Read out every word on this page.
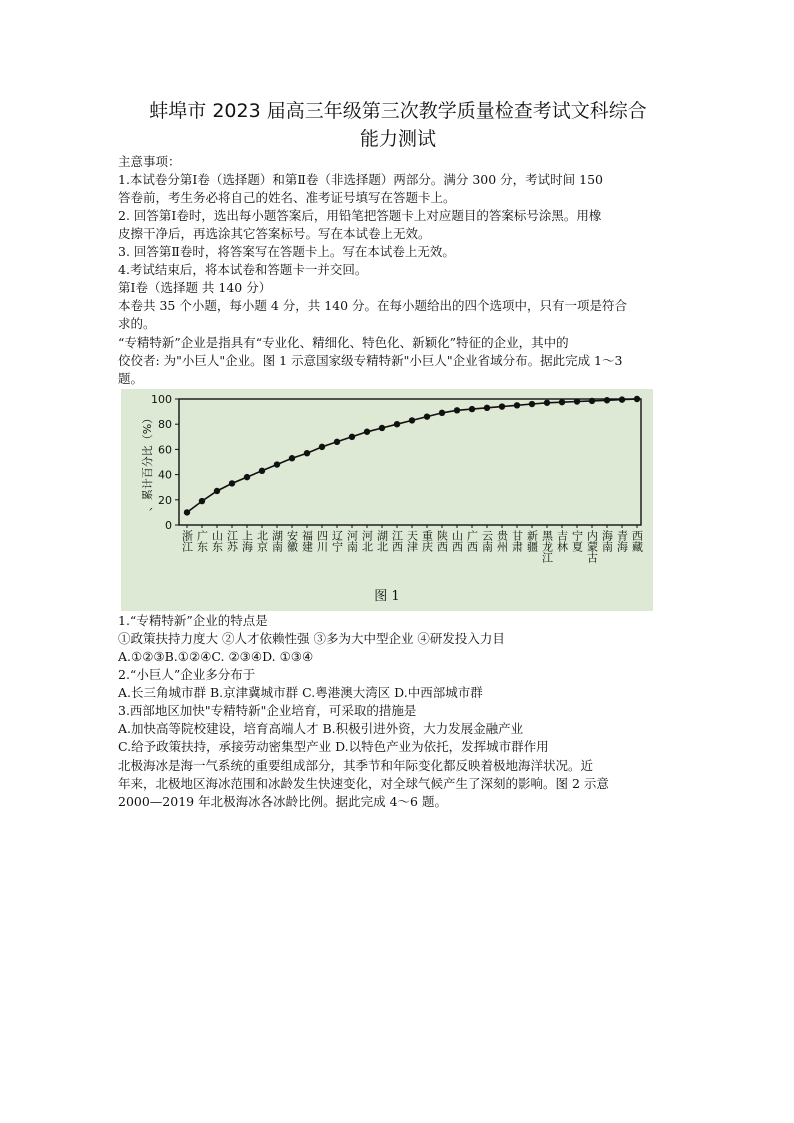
蚌埠市 2023 届高三年级第三次教学质量检查考试文科综合
能力测试
主意事项：
1.本试卷分第Ⅰ卷（选择题）和第Ⅱ卷（非选择题）两部分。满分 300 分，考试时间 150
答卷前，考生务必将自己的姓名、准考证号填写在答题卡上。
2. 回答第Ⅰ卷时，选出每小题答案后，用铅笔把答题卡上对应题目的答案标号涂黑。用橡
皮擦干净后，再选涂其它答案标号。写在本试卷上无效。
3. 回答第Ⅱ卷时，将答案写在答题卡上。写在本试卷上无效。
4.考试结束后，将本试卷和答题卡一并交回。
第Ⅰ卷（选择题 共 140 分）
本卷共 35 个小题，每小题 4 分，共 140 分。在每小题给出的四个选项中，只有一项是符合
求的。
“专精特新”企业是指具有“专业化、精细化、特色化、新颖化”特征的企业，其中的
佼佼者: 为"小巨人"企业。图 1 示意国家级专精特新"小巨人"企业省域分布。据此完成 1～3
题。
0
20
40
60
80
100
、累计百分比（%）
浙江 广东 山东 江苏 上海 北京 湖南 安徽 福建 四川 辽宁 河南 河北 湖北 江西 天津 重庆 陕西 山西 广西 云南 贵州 甘肃 新疆 黑龙江 吉林 宁夏 内蒙古 海南 青海 西藏
图 1
1.“专精特新”企业的特点是
①政策扶持力度大 ②人才依赖性强 ③多为大中型企业 ④研发投入力目
A.①②③B.①②④C. ②③④D. ①③④
2.“小巨人”企业多分布于
A.长三角城市群 B.京津冀城市群 C.粤港澳大湾区 D.中西部城市群
3.西部地区加快"专精特新"企业培育，可采取的措施是
A.加快高等院校建设，培育高端人才 B.积极引进外资，大力发展金融产业
C.给予政策扶持，承接劳动密集型产业 D.以特色产业为依托，发挥城市群作用
北极海冰是海一气系统的重要组成部分，其季节和年际变化都反映着极地海洋状况。近
年来，北极地区海冰范围和冰龄发生快速变化，对全球气候产生了深刻的影响。图 2 示意
2000—2019 年北极海冰各冰龄比例。据此完成 4～6 题。
